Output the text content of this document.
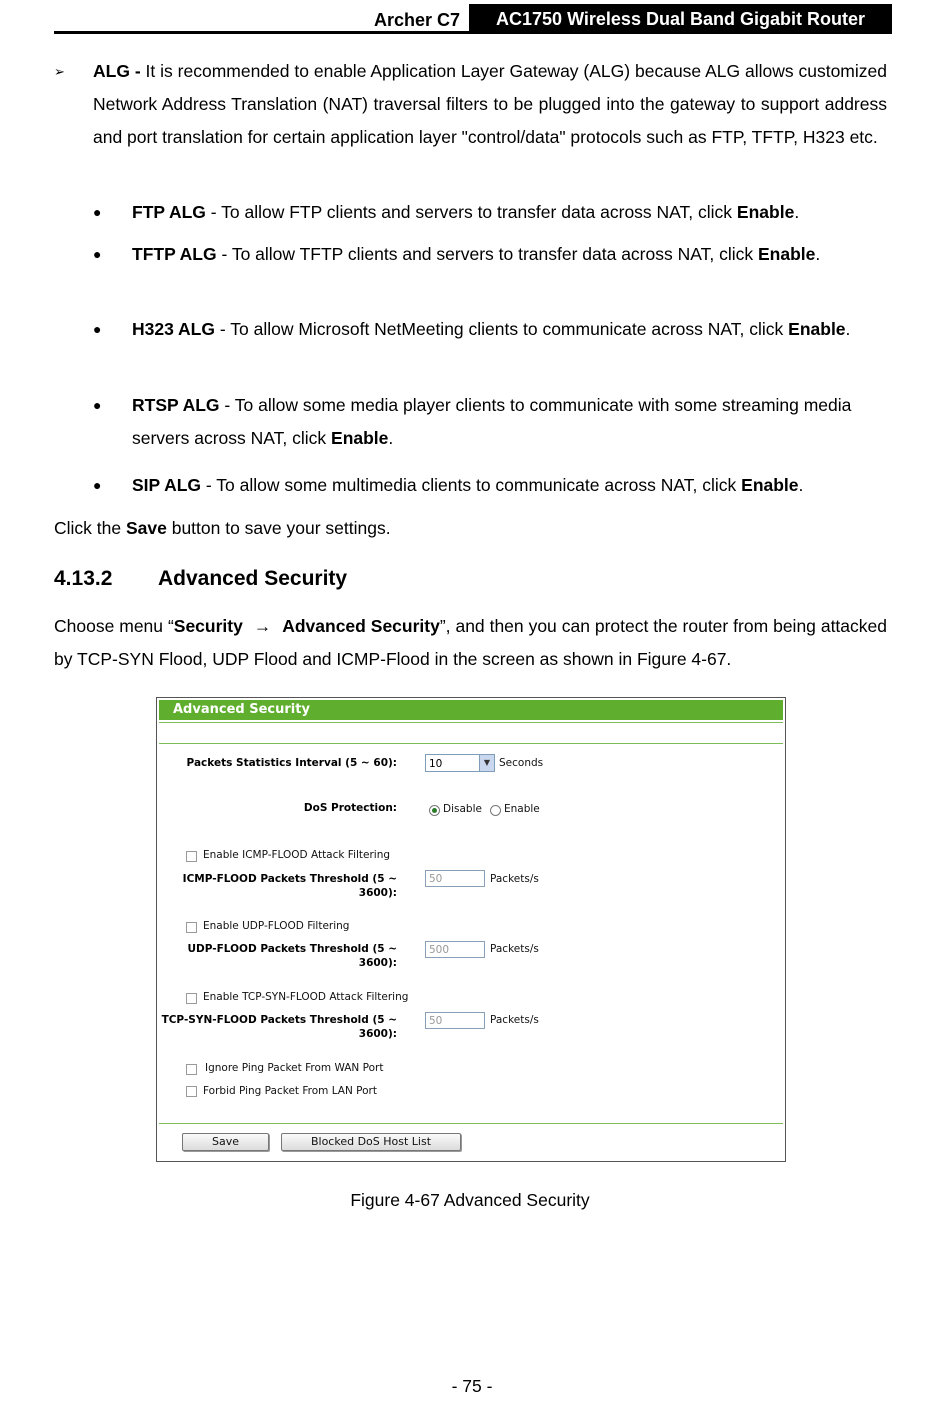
Archer C7	AC1750 Wireless Dual Band Gigabit Router
➢ ALG - It is recommended to enable Application Layer Gateway (ALG) because ALG allows customized Network Address Translation (NAT) traversal filters to be plugged into the gateway to support address and port translation for certain application layer "control/data" protocols such as FTP, TFTP, H323 etc.
● FTP ALG - To allow FTP clients and servers to transfer data across NAT, click Enable.
● TFTP ALG - To allow TFTP clients and servers to transfer data across NAT, click Enable.
● H323 ALG - To allow Microsoft NetMeeting clients to communicate across NAT, click Enable.
● RTSP ALG - To allow some media player clients to communicate with some streaming media servers across NAT, click Enable.
● SIP ALG - To allow some multimedia clients to communicate across NAT, click Enable.
Click the Save button to save your settings.
4.13.2 Advanced Security
Choose menu “Security → Advanced Security”, and then you can protect the router from being attacked by TCP-SYN Flood, UDP Flood and ICMP-Flood in the screen as shown in Figure 4-67.
Advanced Security
Packets Statistics Interval (5 ~ 60):	10	▼ Seconds
DoS Protection:	Disable Enable
Enable ICMP-FLOOD Attack Filtering
ICMP-FLOOD Packets Threshold (5 ~ 3600):
50	Packets/s
Enable UDP-FLOOD Filtering
UDP-FLOOD Packets Threshold (5 ~ 3600):
500	Packets/s
Enable TCP-SYN-FLOOD Attack Filtering
TCP-SYN-FLOOD Packets Threshold (5 ~ 3600):
50	Packets/s
Ignore Ping Packet From WAN Port
Forbid Ping Packet From LAN Port
Save	Blocked DoS Host List
Figure 4-67 Advanced Security
- 75 -
